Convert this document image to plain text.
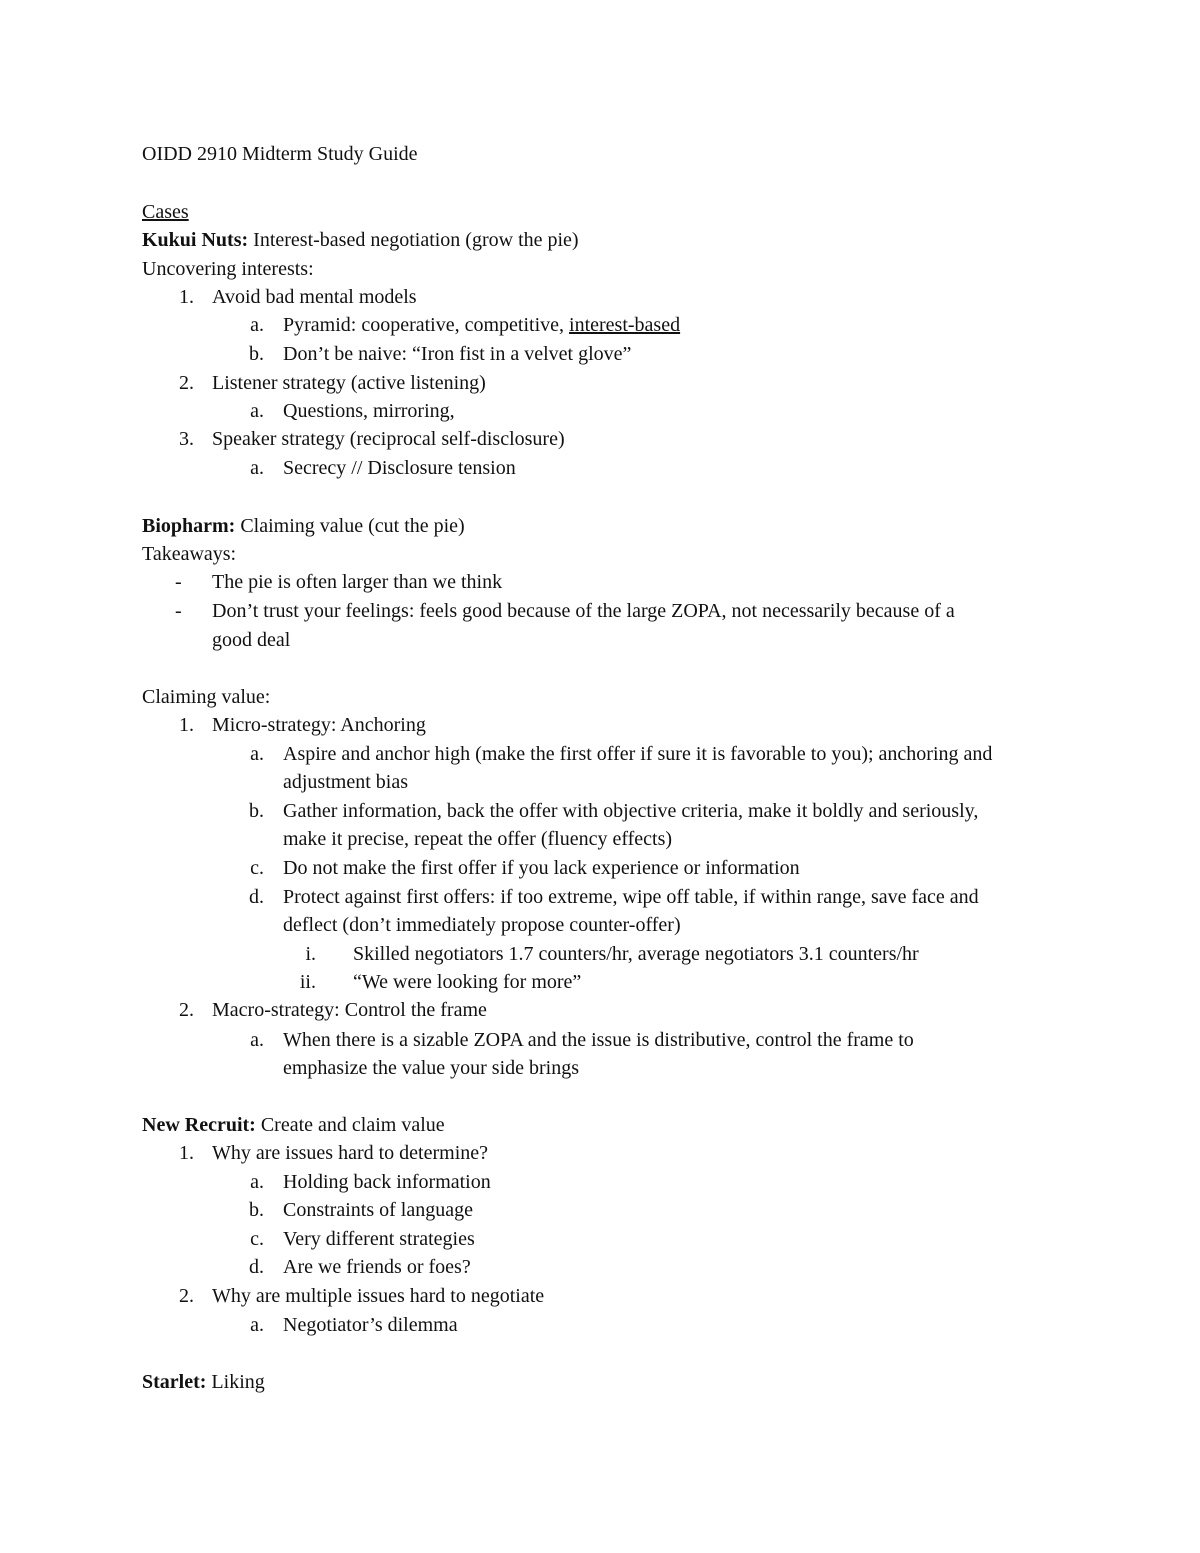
OIDD 2910 Midterm Study Guide
Cases
Kukui Nuts: Interest-based negotiation (grow the pie)
Uncovering interests:
1. Avoid bad mental models
a. Pyramid: cooperative, competitive, interest-based
b. Don’t be naive: “Iron fist in a velvet glove”
2. Listener strategy (active listening)
a. Questions, mirroring,
3. Speaker strategy (reciprocal self-disclosure)
a. Secrecy // Disclosure tension
Biopharm: Claiming value (cut the pie)
Takeaways:
- The pie is often larger than we think
- Don’t trust your feelings: feels good because of the large ZOPA, not necessarily because of a
good deal
Claiming value:
1. Micro-strategy: Anchoring
a. Aspire and anchor high (make the first offer if sure it is favorable to you); anchoring and
adjustment bias
b. Gather information, back the offer with objective criteria, make it boldly and seriously,
make it precise, repeat the offer (fluency effects)
c. Do not make the first offer if you lack experience or information
d. Protect against first offers: if too extreme, wipe off table, if within range, save face and
deflect (don’t immediately propose counter-offer)
i. Skilled negotiators 1.7 counters/hr, average negotiators 3.1 counters/hr
ii. “We were looking for more”
2. Macro-strategy: Control the frame
a. When there is a sizable ZOPA and the issue is distributive, control the frame to
emphasize the value your side brings
New Recruit: Create and claim value
1. Why are issues hard to determine?
a. Holding back information
b. Constraints of language
c. Very different strategies
d. Are we friends or foes?
2. Why are multiple issues hard to negotiate
a. Negotiator’s dilemma
Starlet: Liking
